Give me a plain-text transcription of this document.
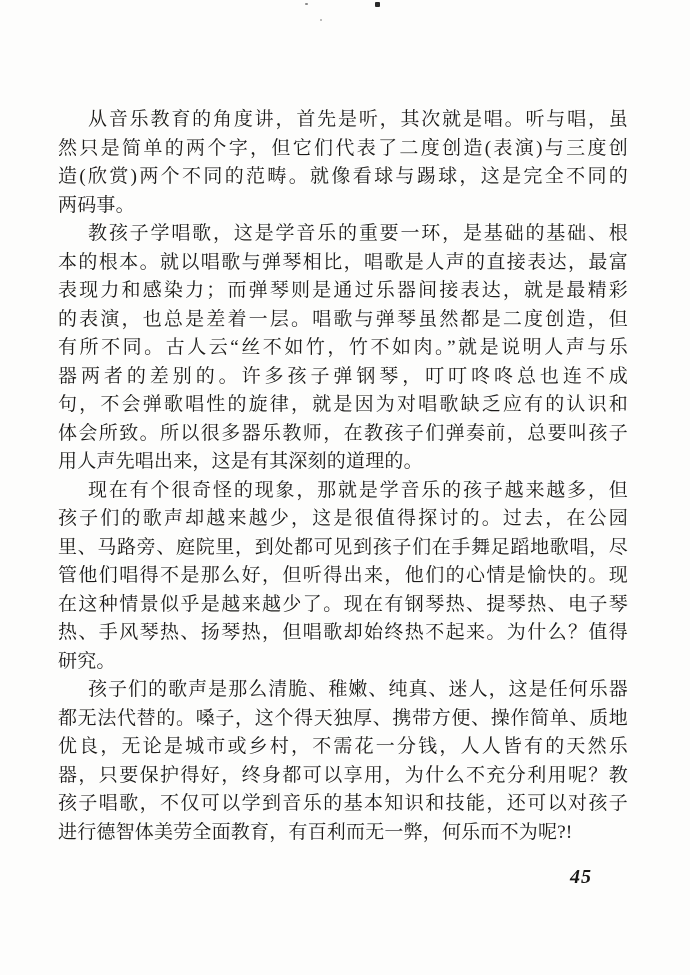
从音乐教育的角度讲，首先是听，其次就是唱。听与唱，虽
然只是简单的两个字，但它们代表了二度创造(表演)与三度创
造(欣赏)两个不同的范畴。就像看球与踢球，这是完全不同的
两码事。

教孩子学唱歌，这是学音乐的重要一环，是基础的基础、根
本的根本。就以唱歌与弹琴相比，唱歌是人声的直接表达，最富
表现力和感染力；而弹琴则是通过乐器间接表达，就是最精彩
的表演，也总是差着一层。唱歌与弹琴虽然都是二度创造，但
有所不同。古人云“丝不如竹，竹不如肉。”就是说明人声与乐
器两者的差别的。许多孩子弹钢琴，叮叮咚咚总也连不成
句，不会弹歌唱性的旋律，就是因为对唱歌缺乏应有的认识和
体会所致。所以很多器乐教师，在教孩子们弹奏前，总要叫孩子
用人声先唱出来，这是有其深刻的道理的。

现在有个很奇怪的现象，那就是学音乐的孩子越来越多，但
孩子们的歌声却越来越少，这是很值得探讨的。过去，在公园
里、马路旁、庭院里，到处都可见到孩子们在手舞足蹈地歌唱，尽
管他们唱得不是那么好，但听得出来，他们的心情是愉快的。现
在这种情景似乎是越来越少了。现在有钢琴热、提琴热、电子琴
热、手风琴热、扬琴热，但唱歌却始终热不起来。为什么？值得
研究。

孩子们的歌声是那么清脆、稚嫩、纯真、迷人，这是任何乐器
都无法代替的。嗓子，这个得天独厚、携带方便、操作简单、质地
优良，无论是城市或乡村，不需花一分钱，人人皆有的天然乐
器，只要保护得好，终身都可以享用，为什么不充分利用呢？教
孩子唱歌，不仅可以学到音乐的基本知识和技能，还可以对孩子
进行德智体美劳全面教育，有百利而无一弊，何乐而不为呢?!

45
